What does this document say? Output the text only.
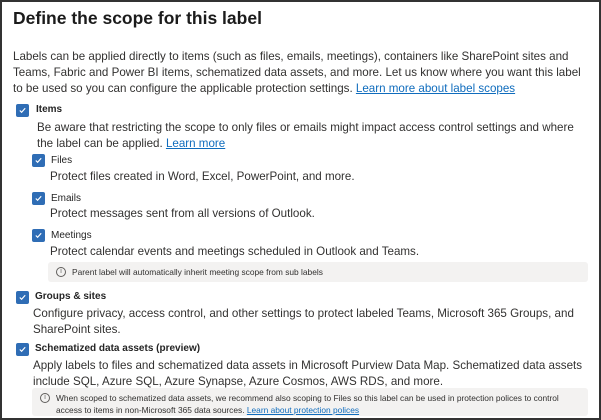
Define the scope for this label
Labels can be applied directly to items (such as files, emails, meetings), containers like SharePoint sites and Teams, Fabric and Power BI items, schematized data assets, and more. Let us know where you want this label to be used so you can configure the applicable protection settings. Learn more about label scopes
Items
Be aware that restricting the scope to only files or emails might impact access control settings and where the label can be applied. Learn more
Files
Protect files created in Word, Excel, PowerPoint, and more.
Emails
Protect messages sent from all versions of Outlook.
Meetings
Protect calendar events and meetings scheduled in Outlook and Teams.
i	Parent label will automatically inherit meeting scope from sub labels
Groups & sites
Configure privacy, access control, and other settings to protect labeled Teams, Microsoft 365 Groups, and SharePoint sites.
Schematized data assets (preview)
Apply labels to files and schematized data assets in Microsoft Purview Data Map. Schematized data assets include SQL, Azure SQL, Azure Synapse, Azure Cosmos, AWS RDS, and more.
i	When scoped to schematized data assets, we recommend also scoping to Files so this label can be used in protection polices to control access to items in non-Microsoft 365 data sources. Learn about protection polices
